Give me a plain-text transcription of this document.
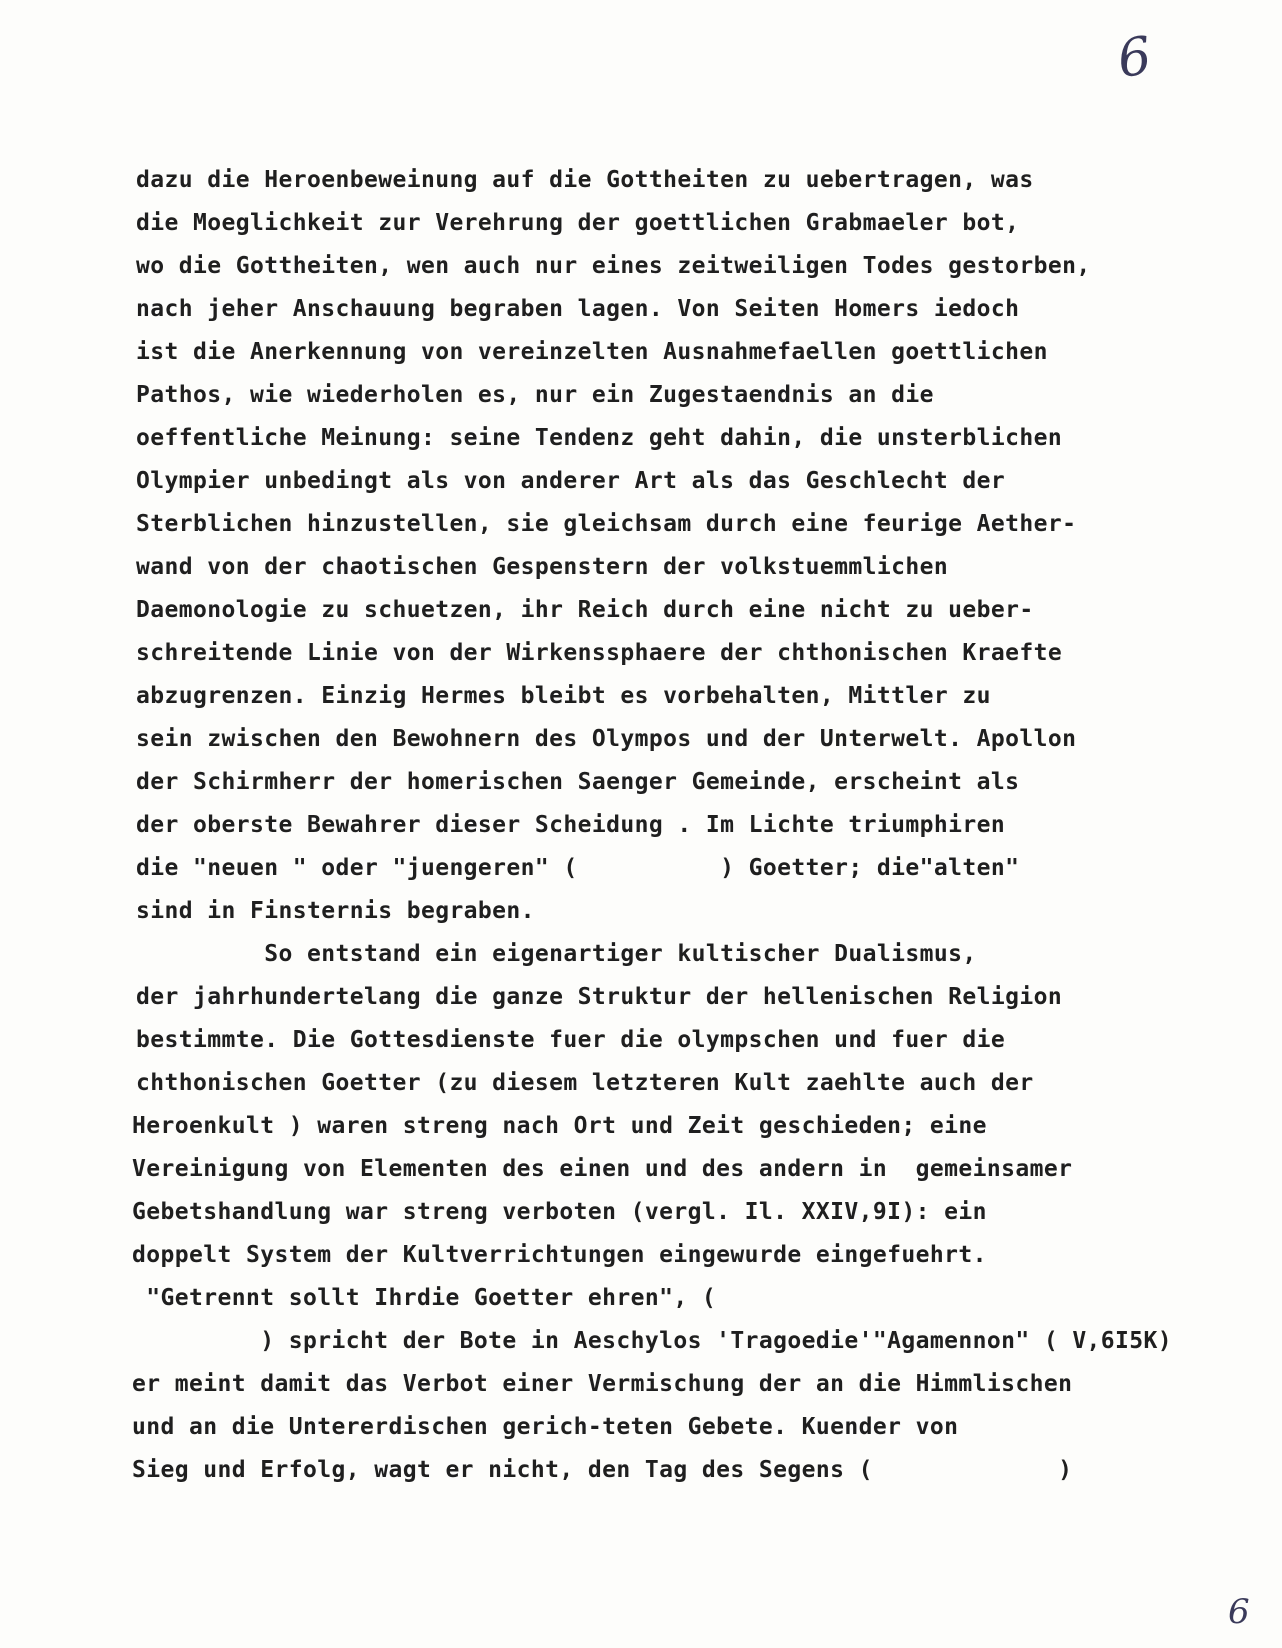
6
dazu die Heroenbeweinung auf die Gottheiten zu uebertragen, was
die Moeglichkeit zur Verehrung der goettlichen Grabmaeler bot,
wo die Gottheiten, wen auch nur eines zeitweiligen Todes gestorben,
nach jeher Anschauung begraben lagen. Von Seiten Homers iedoch
ist die Anerkennung von vereinzelten Ausnahmefaellen goettlichen
Pathos, wie wiederholen es, nur ein Zugestaendnis an die
oeffentliche Meinung: seine Tendenz geht dahin, die unsterblichen
Olympier unbedingt als von anderer Art als das Geschlecht der
Sterblichen hinzustellen, sie gleichsam durch eine feurige Aether-
wand von der chaotischen Gespenstern der volkstuemmlichen
Daemonologie zu schuetzen, ihr Reich durch eine nicht zu ueber-
schreitende Linie von der Wirkenssphaere der chthonischen Kraefte
abzugrenzen. Einzig Hermes bleibt es vorbehalten, Mittler zu
sein zwischen den Bewohnern des Olympos und der Unterwelt. Apollon
der Schirmherr der homerischen Saenger Gemeinde, erscheint als
der oberste Bewahrer dieser Scheidung . Im Lichte triumphiren
die "neuen " oder "juengeren" (          ) Goetter; die"alten"
sind in Finsternis begraben.
So entstand ein eigenartiger kultischer Dualismus,
der jahrhundertelang die ganze Struktur der hellenischen Religion
bestimmte. Die Gottesdienste fuer die olympschen und fuer die
chthonischen Goetter (zu diesem letzteren Kult zaehlte auch der
Heroenkult ) waren streng nach Ort und Zeit geschieden; eine
Vereinigung von Elementen des einen und des andern in  gemeinsamer
Gebetshandlung war streng verboten (vergl. Il. XXIV,9I): ein
doppelt System der Kultverrichtungen eingewurde eingefuehrt.
"Getrennt sollt Ihrdie Goetter ehren", (
) spricht der Bote in Aeschylos 'Tragoedie'"Agamennon" ( V,6I5K)
er meint damit das Verbot einer Vermischung der an die Himmlischen
und an die Untererdischen gerich-teten Gebete. Kuender von
Sieg und Erfolg, wagt er nicht, den Tag des Segens (             )
6
